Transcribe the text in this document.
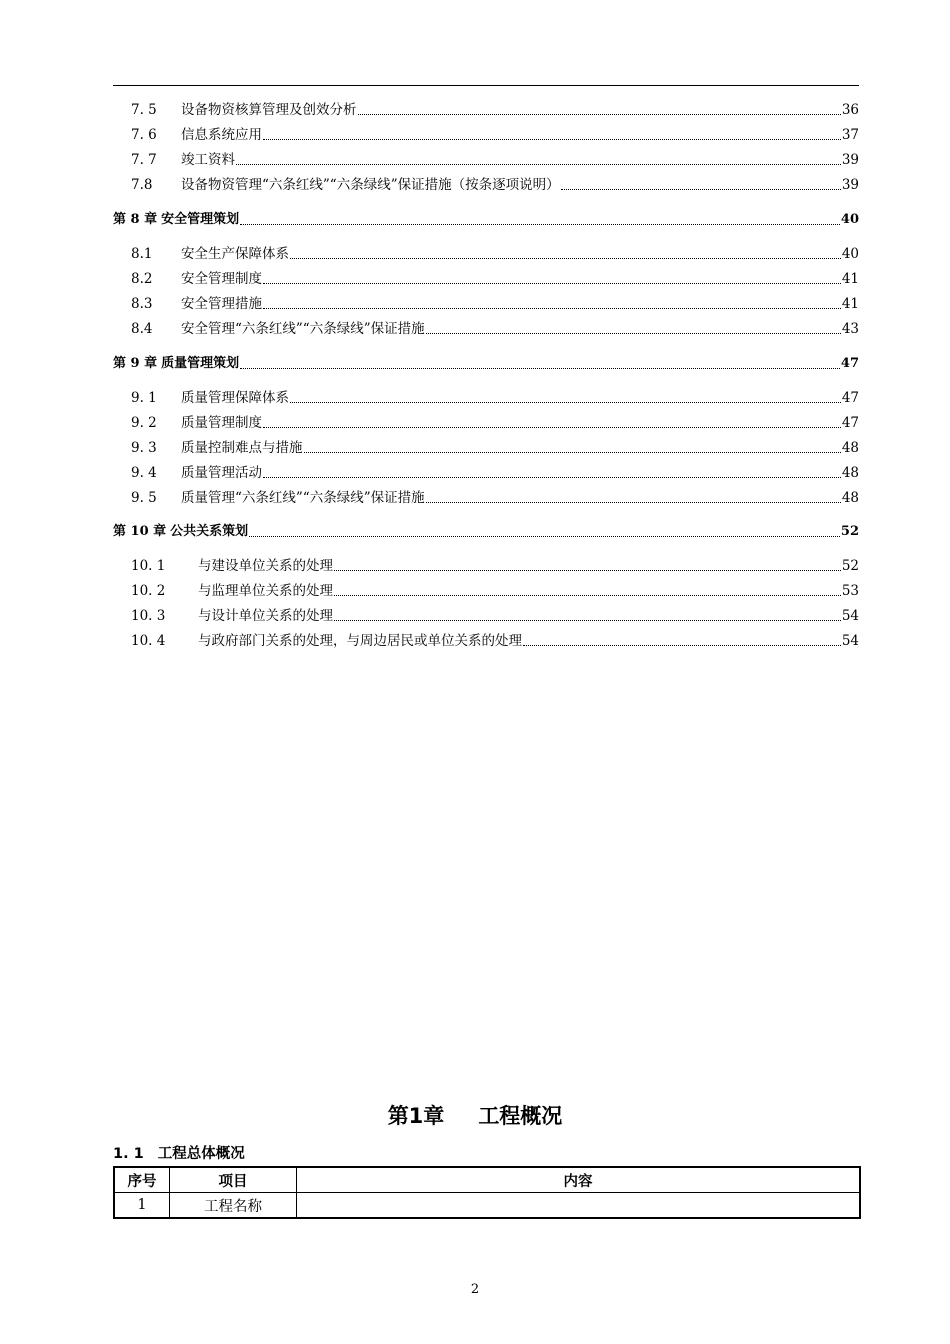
7. 5	设备物资核算管理及创效分析	36
7. 6	信息系统应用	37
7. 7	竣工资料	39
7.8	设备物资管理“六条红线”“六条绿线”保证措施（按条逐项说明）	39
第 8 章 安全管理策划	40
8.1	安全生产保障体系	40
8.2	安全管理制度	41
8.3	安全管理措施	41
8.4	安全管理“六条红线”“六条绿线”保证措施	43
第 9 章 质量管理策划	47
9. 1	质量管理保障体系	47
9. 2	质量管理制度	47
9. 3	质量控制难点与措施	48
9. 4	质量管理活动	48
9. 5	质量管理“六条红线”“六条绿线”保证措施	48
第 10 章 公共关系策划	52
10. 1	与建设单位关系的处理	52
10. 2	与监理单位关系的处理	53
10. 3	与设计单位关系的处理	54
10. 4	与政府部门关系的处理，与周边居民或单位关系的处理	54
第1章 工程概况
1. 1 工程总体概况
序号	项目	内容
1	工程名称	
2
